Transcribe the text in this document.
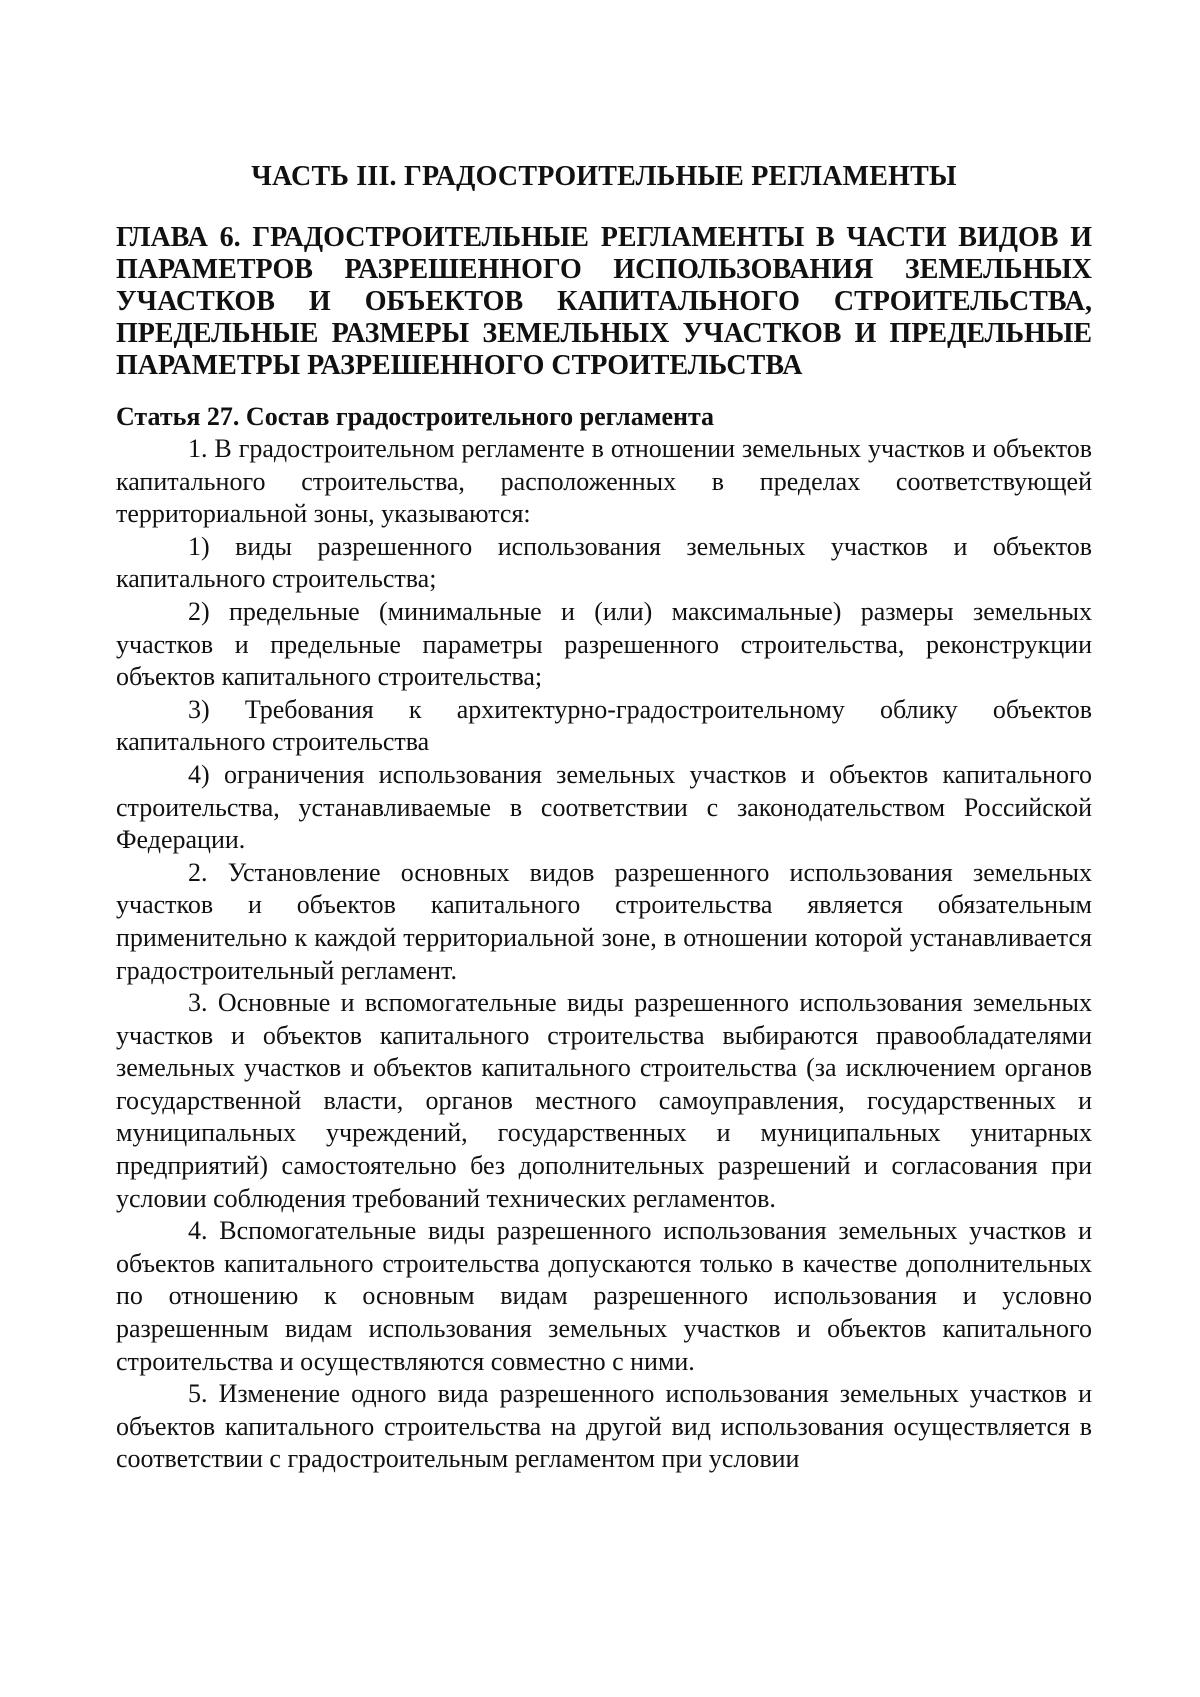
ЧАСТЬ III. ГРАДОСТРОИТЕЛЬНЫЕ РЕГЛАМЕНТЫ
ГЛАВА 6. ГРАДОСТРОИТЕЛЬНЫЕ РЕГЛАМЕНТЫ В ЧАСТИ ВИДОВ И ПАРАМЕТРОВ РАЗРЕШЕННОГО ИСПОЛЬЗОВАНИЯ ЗЕМЕЛЬНЫХ УЧАСТКОВ И ОБЪЕКТОВ КАПИТАЛЬНОГО СТРОИТЕЛЬСТВА, ПРЕДЕЛЬНЫЕ РАЗМЕРЫ ЗЕМЕЛЬНЫХ УЧАСТКОВ И ПРЕДЕЛЬНЫЕ ПАРАМЕТРЫ РАЗРЕШЕННОГО СТРОИТЕЛЬСТВА
Статья 27. Состав градостроительного регламента

1. В градостроительном регламенте в отношении земельных участков и объектов капитального строительства, расположенных в пределах соответствующей территориальной зоны, указываются:

1) виды разрешенного использования земельных участков и объектов капитального строительства;

2) предельные (минимальные и (или) максимальные) размеры земельных участков и предельные параметры разрешенного строительства, реконструкции объектов капитального строительства;

3) Требования к архитектурно-градостроительному облику объектов капитального строительства

4) ограничения использования земельных участков и объектов капитального строительства, устанавливаемые в соответствии с законодательством Российской Федерации.

2. Установление основных видов разрешенного использования земельных участков и объектов капитального строительства является обязательным применительно к каждой территориальной зоне, в отношении которой устанавливается градостроительный регламент.

3. Основные и вспомогательные виды разрешенного использования земельных участков и объектов капитального строительства выбираются правообладателями земельных участков и объектов капитального строительства (за исключением органов государственной власти, органов местного самоуправления, государственных и муниципальных учреждений, государственных и муниципальных унитарных предприятий) самостоятельно без дополнительных разрешений и согласования при условии соблюдения требований технических регламентов.

4. Вспомогательные виды разрешенного использования земельных участков и объектов капитального строительства допускаются только в качестве дополнительных по отношению к основным видам разрешенного использования и условно разрешенным видам использования земельных участков и объектов капитального строительства и осуществляются совместно с ними.

5. Изменение одного вида разрешенного использования земельных участков и объектов капитального строительства на другой вид использования осуществляется в соответствии с градостроительным регламентом при условии
